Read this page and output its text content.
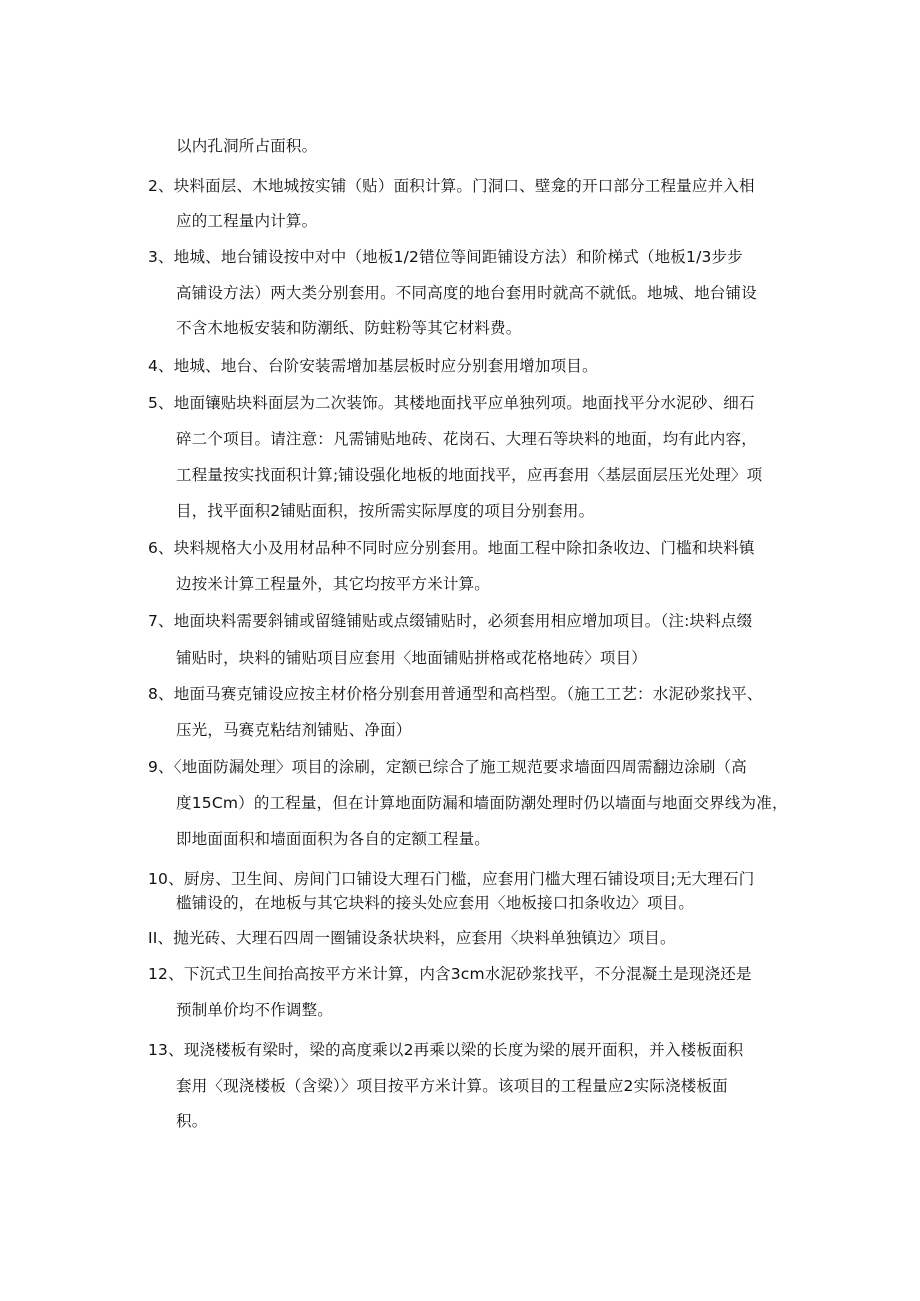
以内孔洞所占面积。
2、块料面层、木地城按实铺（贴）面积计算。门洞口、壁龛的开口部分工程量应并入相
应的工程量内计算。
3、地城、地台铺设按中对中（地板1/2错位等间距铺设方法）和阶梯式（地板1/3步步
高铺设方法）两大类分别套用。不同高度的地台套用时就高不就低。地城、地台铺设
不含木地板安装和防潮纸、防蛀粉等其它材料费。
4、地城、地台、台阶安装需增加基层板时应分别套用增加项目。
5、地面镶贴块料面层为二次装饰。其楼地面找平应单独列项。地面找平分水泥砂、细石
碎二个项目。请注意：凡需铺贴地砖、花岗石、大理石等块料的地面，均有此内容，
工程量按实找面积计算;铺设强化地板的地面找平，应再套用〈基层面层压光处理〉项
目，找平面积2铺贴面积，按所需实际厚度的项目分别套用。
6、块料规格大小及用材品种不同时应分别套用。地面工程中除扣条收边、门槛和块料镇
边按米计算工程量外，其它均按平方米计算。
7、地面块料需要斜铺或留缝铺贴或点缀铺贴时，必须套用相应增加项目。（注:块料点缀
铺贴时，块料的铺贴项目应套用〈地面铺贴拼格或花格地砖〉项目）
8、地面马赛克铺设应按主材价格分别套用普通型和高档型。（施工工艺：水泥砂浆找平、
压光，马赛克粘结剂铺贴、净面）
9、〈地面防漏处理〉项目的涂刷，定额已综合了施工规范要求墙面四周需翻边涂刷（高
度15Cm）的工程量，但在计算地面防漏和墙面防潮处理时仍以墙面与地面交界线为准，
即地面面积和墙面面积为各自的定额工程量。
10、厨房、卫生间、房间门口铺设大理石门槛，应套用门槛大理石铺设项目;无大理石门
槛铺设的，在地板与其它块料的接头处应套用〈地板接口扣条收边〉项目。
II、抛光砖、大理石四周一圈铺设条状块料，应套用〈块料单独镇边〉项目。
12、下沉式卫生间抬高按平方米计算，内含3cm水泥砂浆找平，不分混凝土是现浇还是
预制单价均不作调整。
13、现浇楼板有梁时，梁的高度乘以2再乘以梁的长度为梁的展开面积，并入楼板面积
套用〈现浇楼板（含梁）〉项目按平方米计算。该项目的工程量应2实际浇楼板面
积。
